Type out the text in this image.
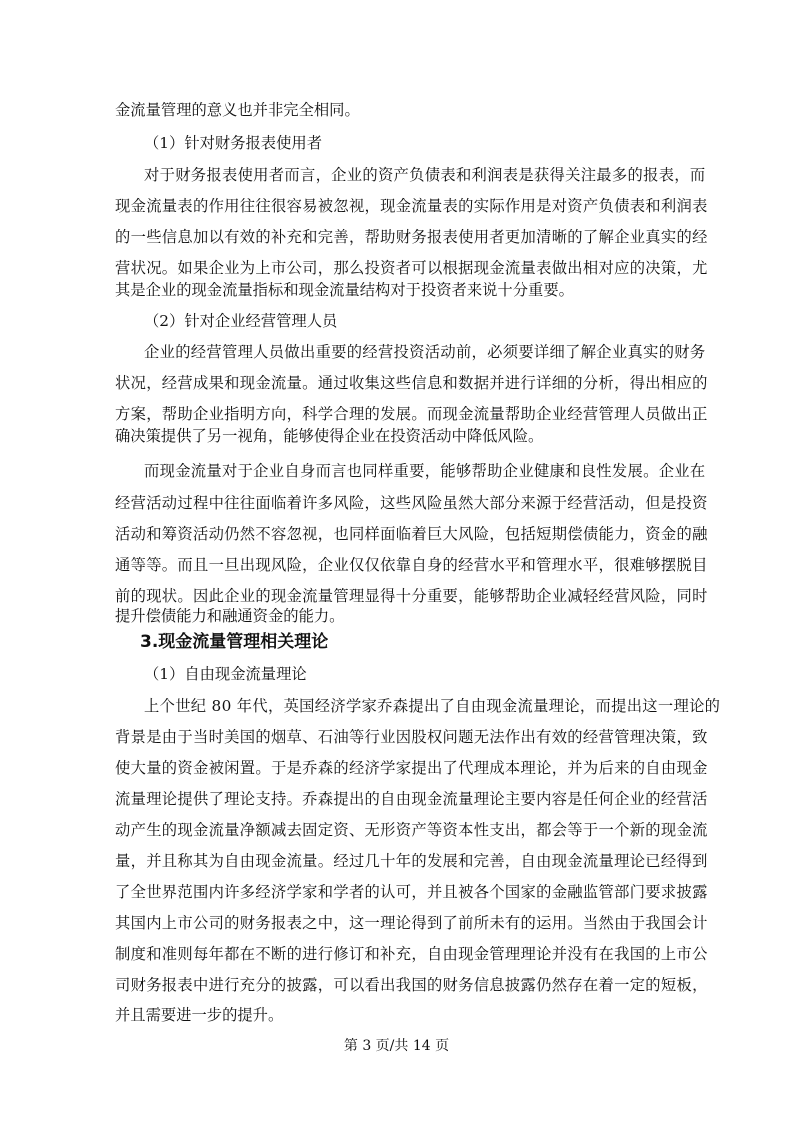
金流量管理的意义也并非完全相同。

（1）针对财务报表使用者

对于财务报表使用者而言，企业的资产负债表和利润表是获得关注最多的报表，而

现金流量表的作用往往很容易被忽视，现金流量表的实际作用是对资产负债表和利润表

的一些信息加以有效的补充和完善，帮助财务报表使用者更加清晰的了解企业真实的经

营状况。如果企业为上市公司，那么投资者可以根据现金流量表做出相对应的决策，尤

其是企业的现金流量指标和现金流量结构对于投资者来说十分重要。

（2）针对企业经营管理人员

企业的经营管理人员做出重要的经营投资活动前，必须要详细了解企业真实的财务

状况，经营成果和现金流量。通过收集这些信息和数据并进行详细的分析，得出相应的

方案，帮助企业指明方向，科学合理的发展。而现金流量帮助企业经营管理人员做出正

确决策提供了另一视角，能够使得企业在投资活动中降低风险。

而现金流量对于企业自身而言也同样重要，能够帮助企业健康和良性发展。企业在

经营活动过程中往往面临着许多风险，这些风险虽然大部分来源于经营活动，但是投资

活动和筹资活动仍然不容忽视，也同样面临着巨大风险，包括短期偿债能力，资金的融

通等等。而且一旦出现风险，企业仅仅依靠自身的经营水平和管理水平，很难够摆脱目

前的现状。因此企业的现金流量管理显得十分重要，能够帮助企业减轻经营风险，同时

提升偿债能力和融通资金的能力。

3.现金流量管理相关理论

（1）自由现金流量理论

上个世纪 80 年代，英国经济学家乔森提出了自由现金流量理论，而提出这一理论的

背景是由于当时美国的烟草、石油等行业因股权问题无法作出有效的经营管理决策，致

使大量的资金被闲置。于是乔森的经济学家提出了代理成本理论，并为后来的自由现金

流量理论提供了理论支持。乔森提出的自由现金流量理论主要内容是任何企业的经营活

动产生的现金流量净额减去固定资、无形资产等资本性支出，都会等于一个新的现金流

量，并且称其为自由现金流量。经过几十年的发展和完善，自由现金流量理论已经得到

了全世界范围内许多经济学家和学者的认可，并且被各个国家的金融监管部门要求披露

其国内上市公司的财务报表之中，这一理论得到了前所未有的运用。当然由于我国会计

制度和准则每年都在不断的进行修订和补充，自由现金管理理论并没有在我国的上市公

司财务报表中进行充分的披露，可以看出我国的财务信息披露仍然存在着一定的短板，

并且需要进一步的提升。

第 3 页/共 14 页
